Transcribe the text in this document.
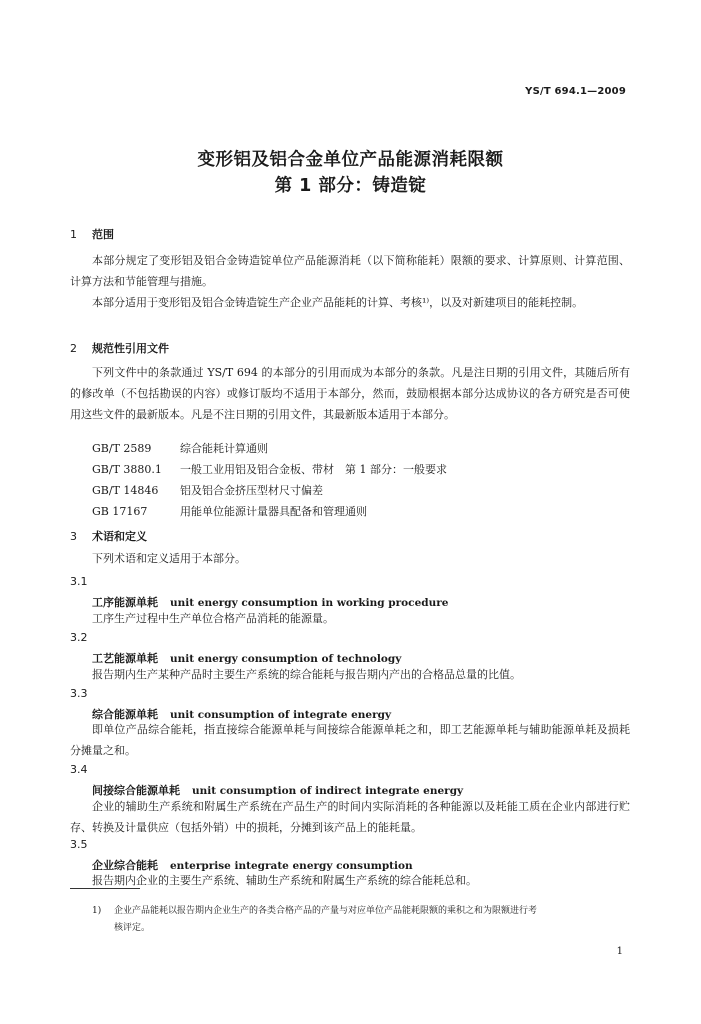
YS/T 694.1—2009
变形铝及铝合金单位产品能源消耗限额
第 1 部分：铸造锭
1 范围
本部分规定了变形铝及铝合金铸造锭单位产品能源消耗（以下简称能耗）限额的要求、计算原则、计算范围、计算方法和节能管理与措施。
本部分适用于变形铝及铝合金铸造锭生产企业产品能耗的计算、考核¹⁾，以及对新建项目的能耗控制。
2 规范性引用文件
下列文件中的条款通过 YS/T 694 的本部分的引用而成为本部分的条款。凡是注日期的引用文件，其随后所有的修改单（不包括勘误的内容）或修订版均不适用于本部分，然而，鼓励根据本部分达成协议的各方研究是否可使用这些文件的最新版本。凡是不注日期的引用文件，其最新版本适用于本部分。
GB/T 2589	综合能耗计算通则
GB/T 3880.1 一般工业用铝及铝合金板、带材　第 1 部分：一般要求
GB/T 14846 铝及铝合金挤压型材尺寸偏差
GB 17167	用能单位能源计量器具配备和管理通则
3 术语和定义
下列术语和定义适用于本部分。
3.1
工序能源单耗 unit energy consumption in working procedure
工序生产过程中生产单位合格产品消耗的能源量。
3.2
工艺能源单耗 unit energy consumption of technology
报告期内生产某种产品时主要生产系统的综合能耗与报告期内产出的合格品总量的比值。
3.3
综合能源单耗 unit consumption of integrate energy
即单位产品综合能耗，指直接综合能源单耗与间接综合能源单耗之和，即工艺能源单耗与辅助能源单耗及损耗分摊量之和。
3.4
间接综合能源单耗 unit consumption of indirect integrate energy
企业的辅助生产系统和附属生产系统在产品生产的时间内实际消耗的各种能源以及耗能工质在企业内部进行贮存、转换及计量供应（包括外销）中的损耗，分摊到该产品上的能耗量。
3.5
企业综合能耗 enterprise integrate energy consumption
报告期内企业的主要生产系统、辅助生产系统和附属生产系统的综合能耗总和。
1) 企业产品能耗以报告期内企业生产的各类合格产品的产量与对应单位产品能耗限额的乘积之和为限额进行考
核评定。
1
